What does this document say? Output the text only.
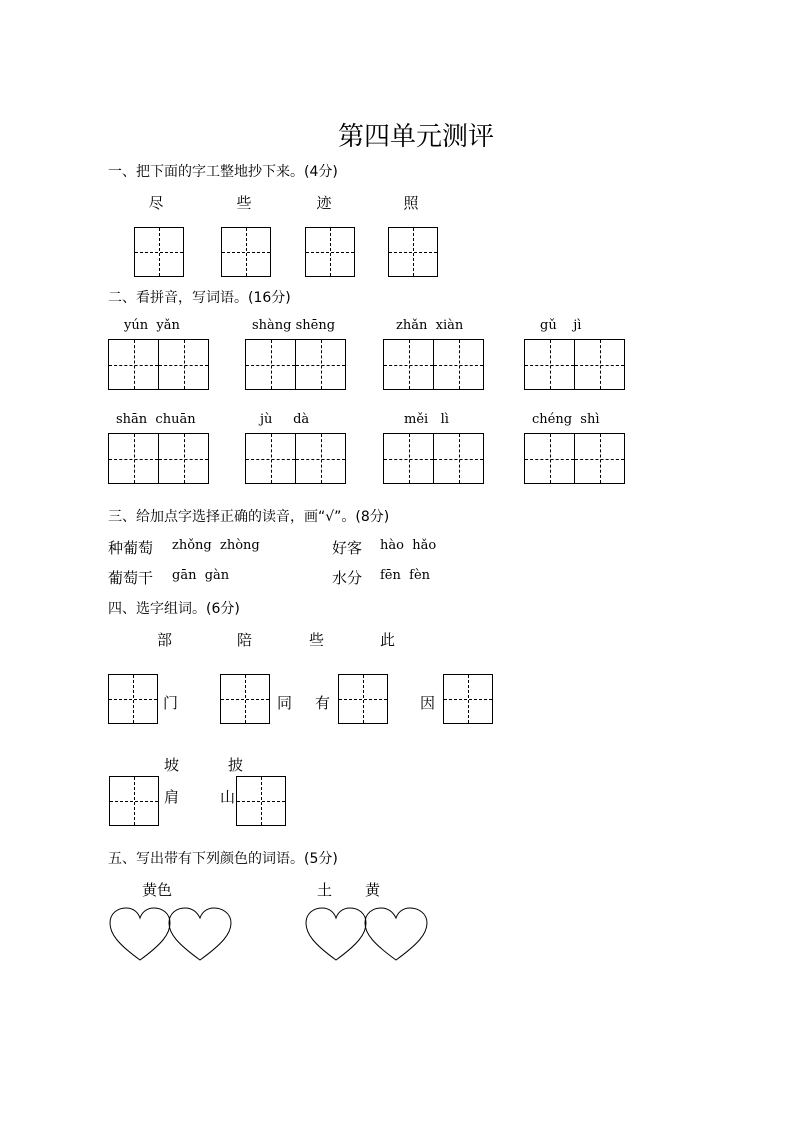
第四单元测评
一、把下面的字工整地抄下来。(4分)
尽	些	迹	照
二、看拼音，写词语。(16分)
yún  yǎn	shàng shēng	zhǎn  xiàn	gǔ    jì
shān  chuān	jù     dà	měi   lì	chéng  shì
三、给加点字选择正确的读音，画“√”。(8分)
种葡萄 zhǒng  zhòng	好客 hào  hǎo
葡萄干 gān  gàn	水分 fēn  fèn
四、选字组词。(6分)
部	陪	些	此
门	同 有	因
坡	披
肩	山
五、写出带有下列颜色的词语。(5分)
黄色	土 黄
